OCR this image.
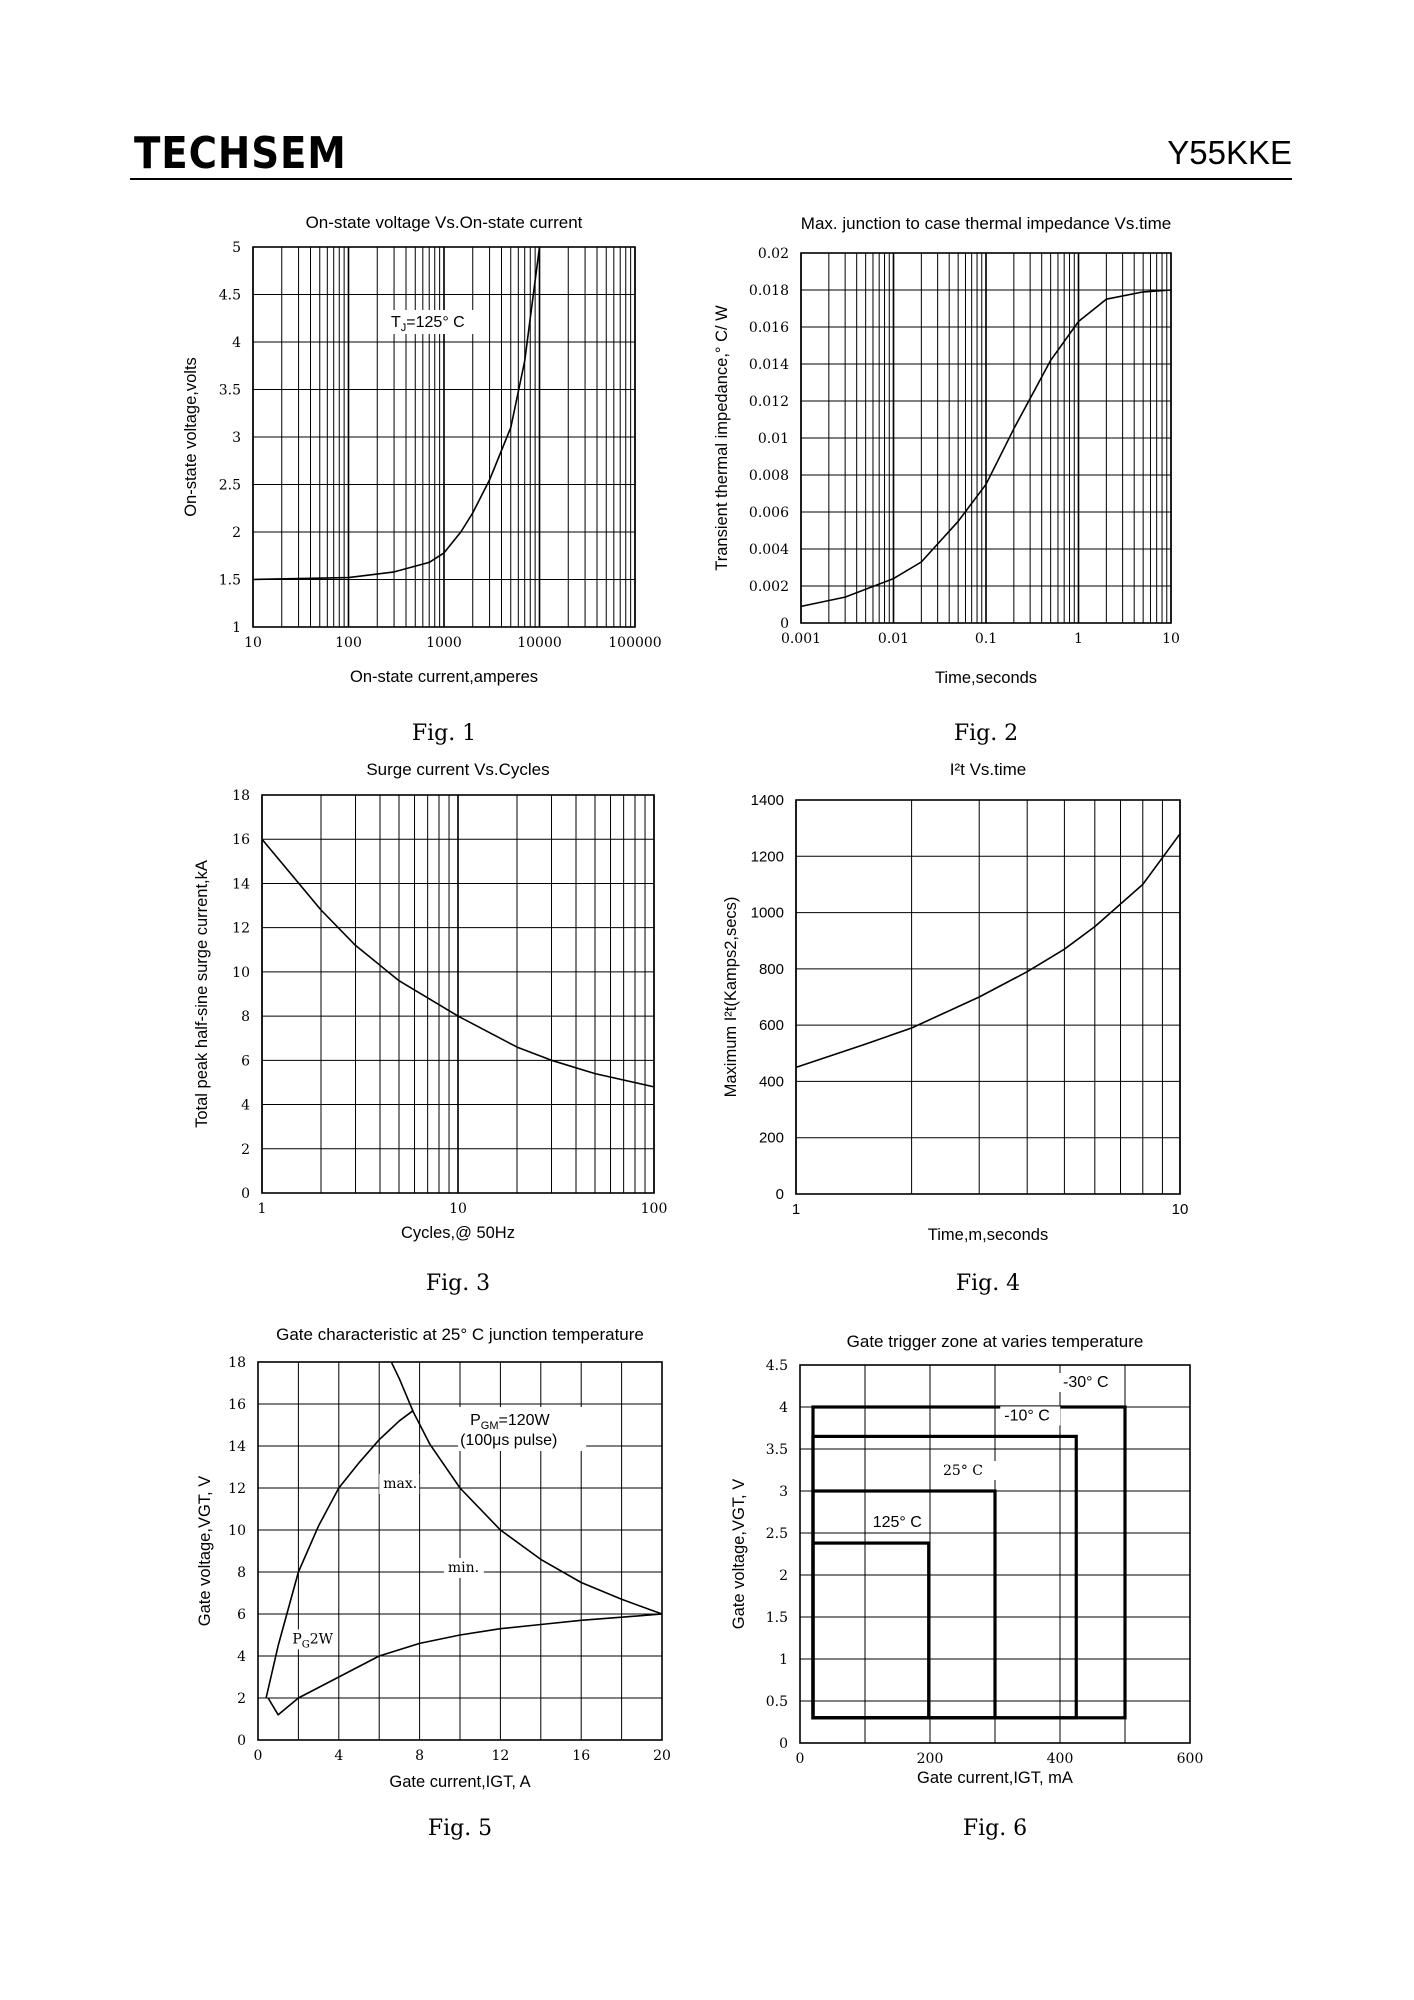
TECHSEM	Y55KKE
10	100	1000	10000	100000
1
1.5
2
2.5
3
3.5
4
4.5
5
On-state voltage Vs.On-state current
On-state current,amperes
On-state voltage,volts
Fig. 1
$T_J=125^\circ$ C
0.001	0.01	0.1	1	10
0
0.002
0.004
0.006
0.008
0.01
0.012
0.014
0.016
0.018
0.02
Max. junction to case thermal impedance Vs.time
Time,seconds
Transient thermal impedance,° C/ W
Fig. 2
1	10	100
0
2
4
6
8
10
12
14
16
18
Surge current Vs.Cycles
Cycles,@ 50Hz
Total peak half-sine surge current,kA
Fig. 3
1	10
0
200
400
600
800
1000
1200
1400
I²t Vs.time
Time,m,seconds
Maximum I²t(Kamps2,secs)
Fig. 4
0	4	8	12	16	20
0
2
4
6
8
10
12
14
16
18
Gate characteristic at 25° C junction temperature
Gate current,IGT, A
Gate voltage,VGT, V
Fig. 5
$P_{GM}=120W$
(100μs pulse)
max.
min.
$P_G2W$
0	200	400	600
0
0.5
1
1.5
2
2.5
3
3.5
4
4.5
Gate trigger zone at varies temperature
Gate current,IGT, mA
Gate voltage,VGT, V
Fig. 6
-30° C
-10° C
25° C
125° C
